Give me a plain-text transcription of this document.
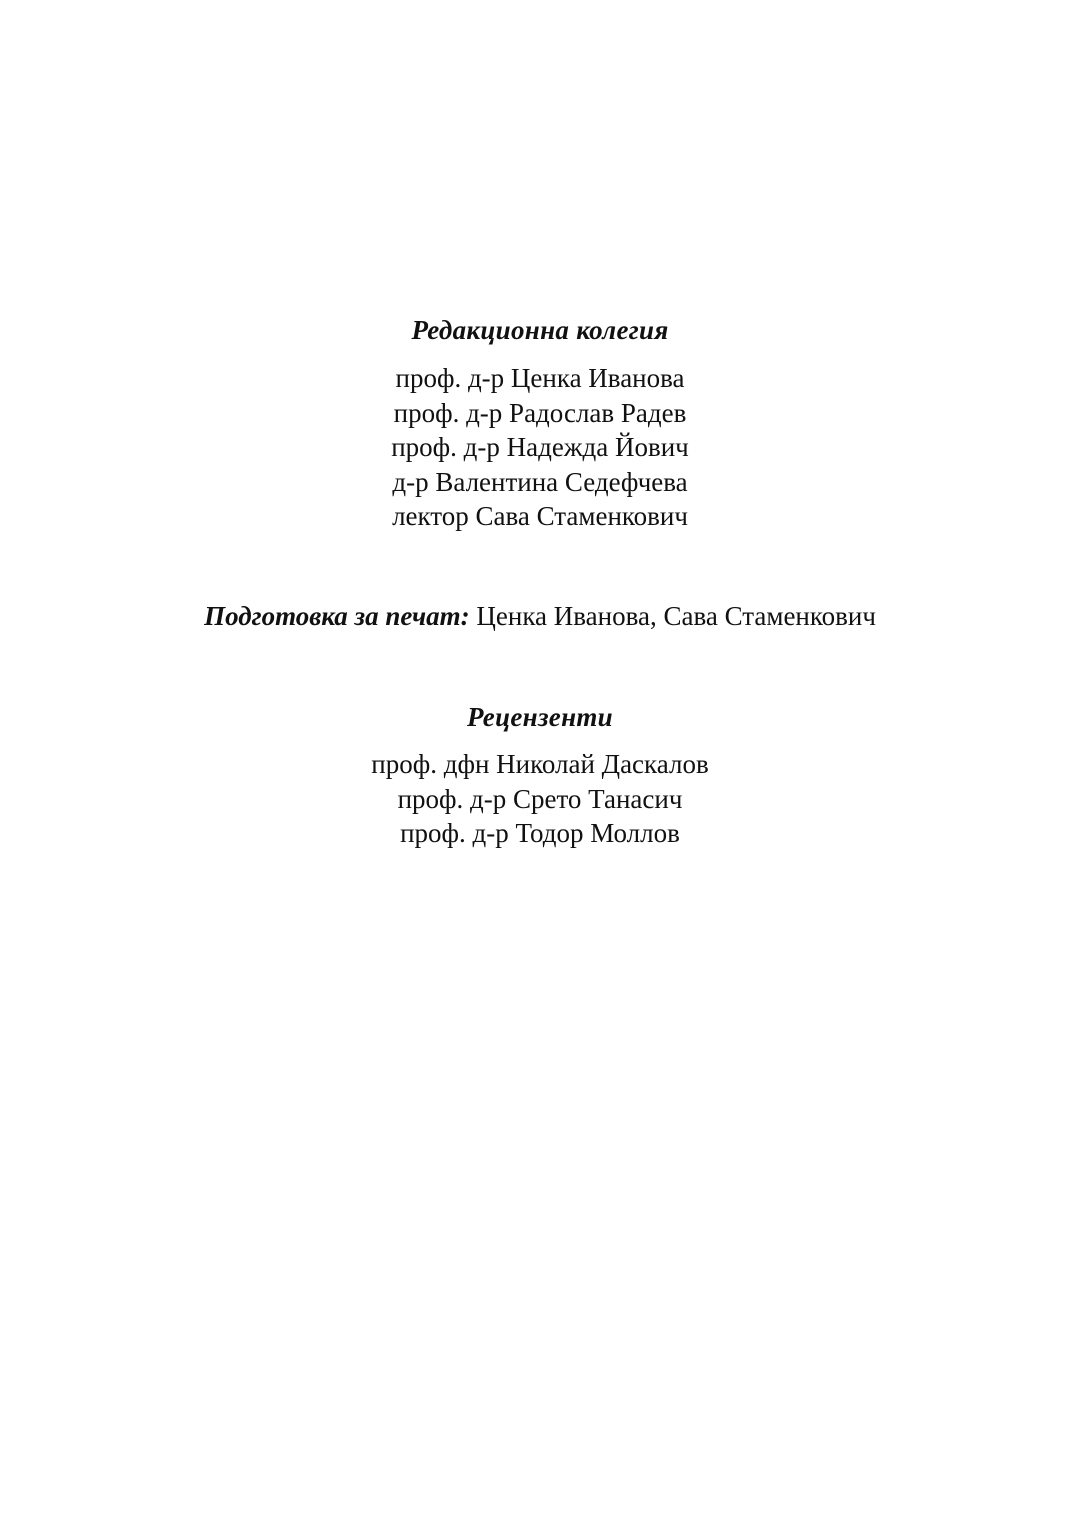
Редакционна колегия
проф. д-р Ценка Иванова
проф. д-р Радослав Радев
проф. д-р Надежда Йович
д-р Валентина Седефчева
лектор Сава Стаменкович
Подготовка за печат: Ценка Иванова, Сава Стаменкович
Рецензенти
проф. дфн Николай Даскалов
проф. д-р Срето Танасич
проф. д-р Тодор Моллов
